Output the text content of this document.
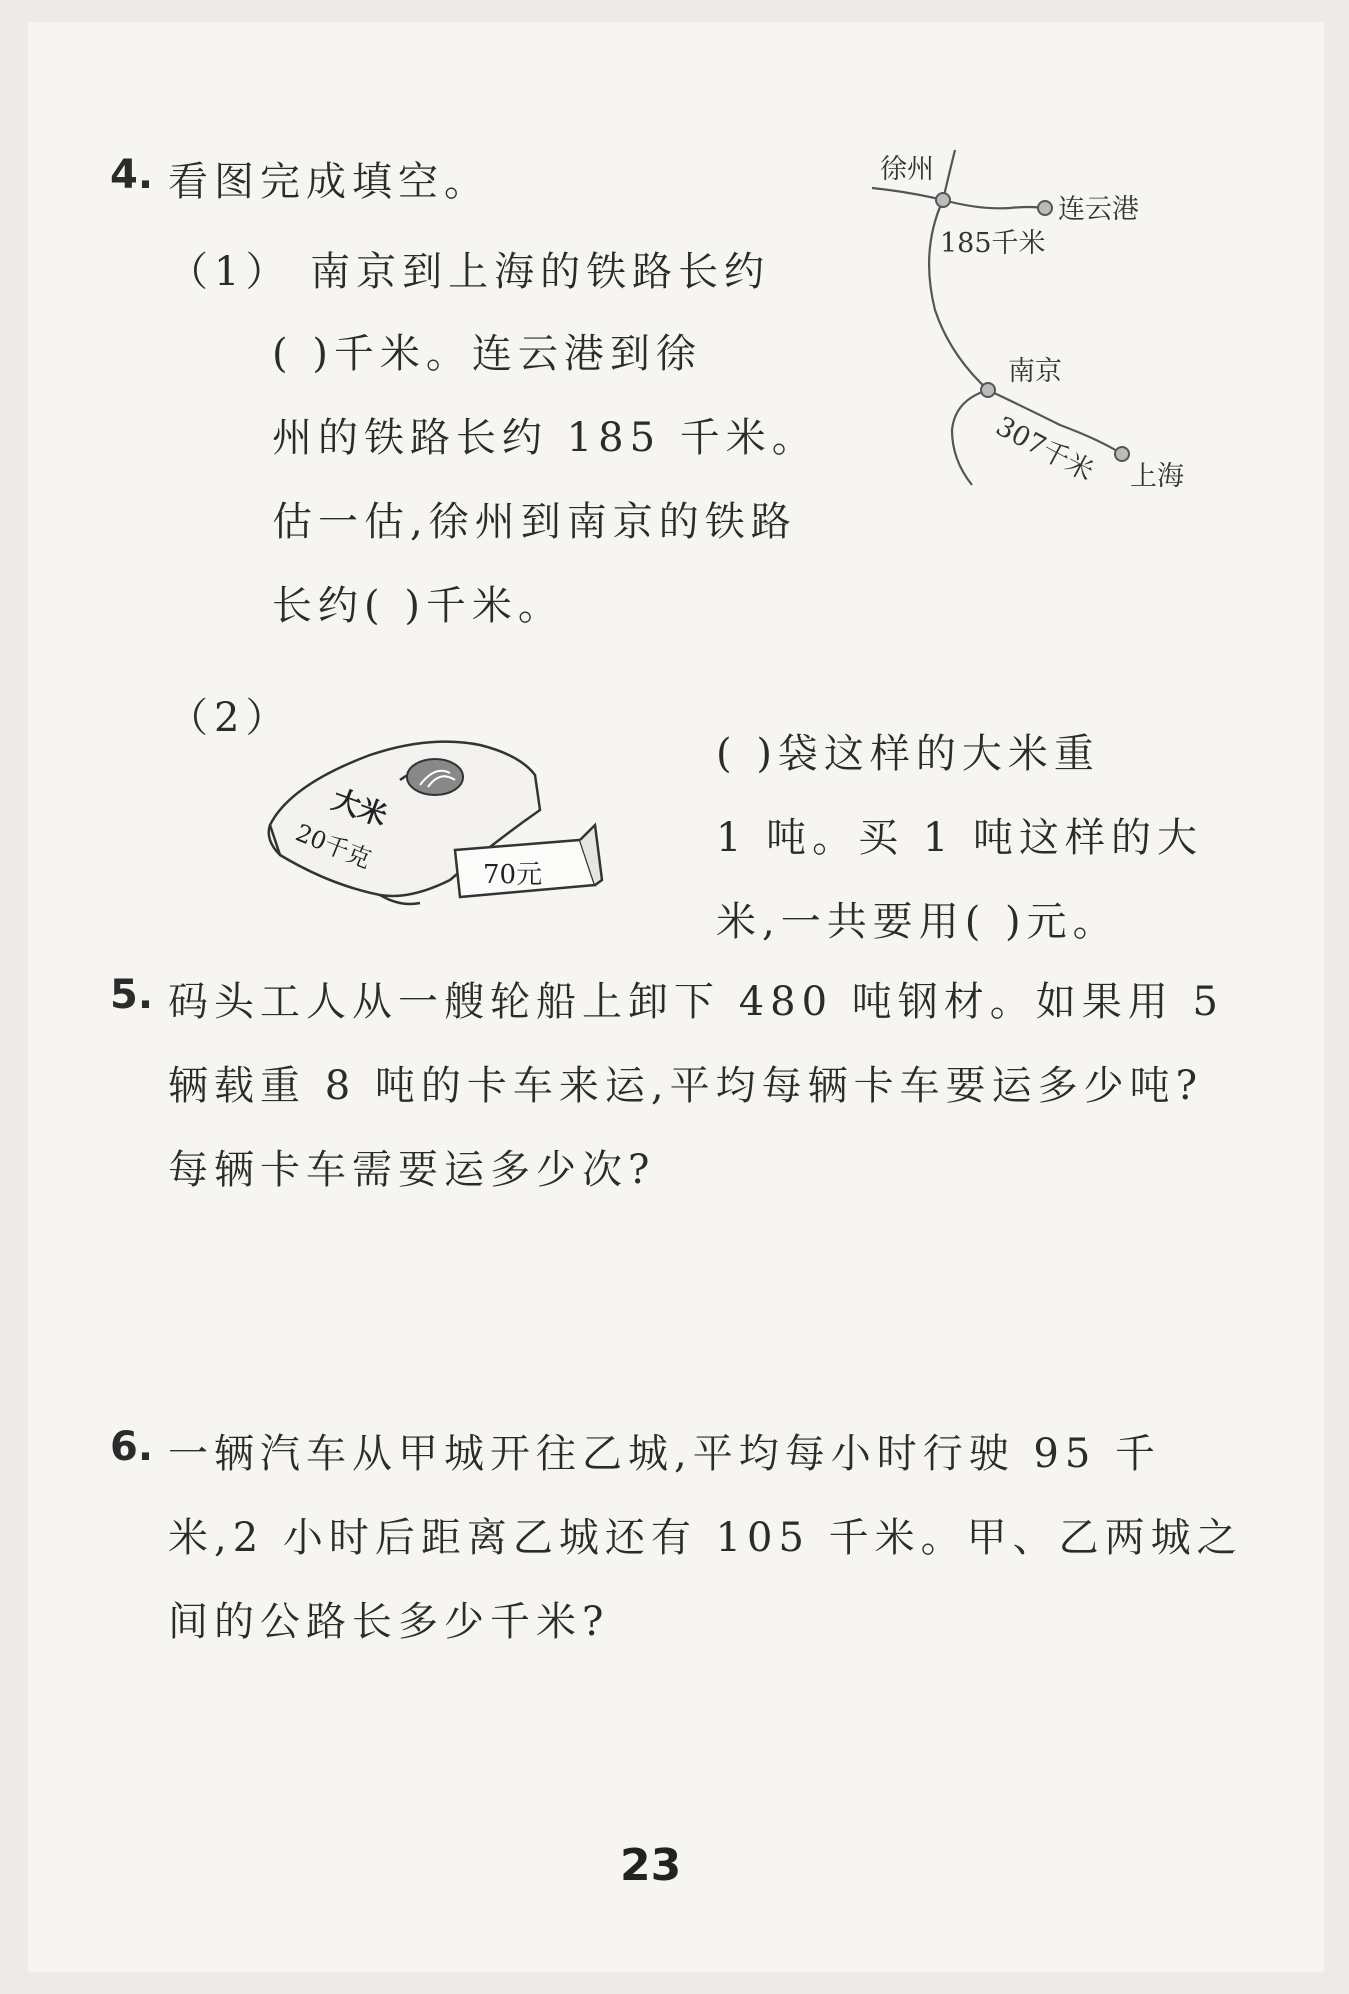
4. 看图完成填空。
（1） 南京到上海的铁路长约
( )千米。连云港到徐
州的铁路长约 185 千米。
估一估,徐州到南京的铁路
长约( )千米。
徐州
连云港
185千米
南京
307千米 上海
（2）
大米
20千克
70元
( )袋这样的大米重
1 吨。买 1 吨这样的大
米,一共要用( )元。
5. 码头工人从一艘轮船上卸下 480 吨钢材。如果用 5
辆载重 8 吨的卡车来运,平均每辆卡车要运多少吨?
每辆卡车需要运多少次?
6. 一辆汽车从甲城开往乙城,平均每小时行驶 95 千
米,2 小时后距离乙城还有 105 千米。甲、乙两城之
间的公路长多少千米?
23
